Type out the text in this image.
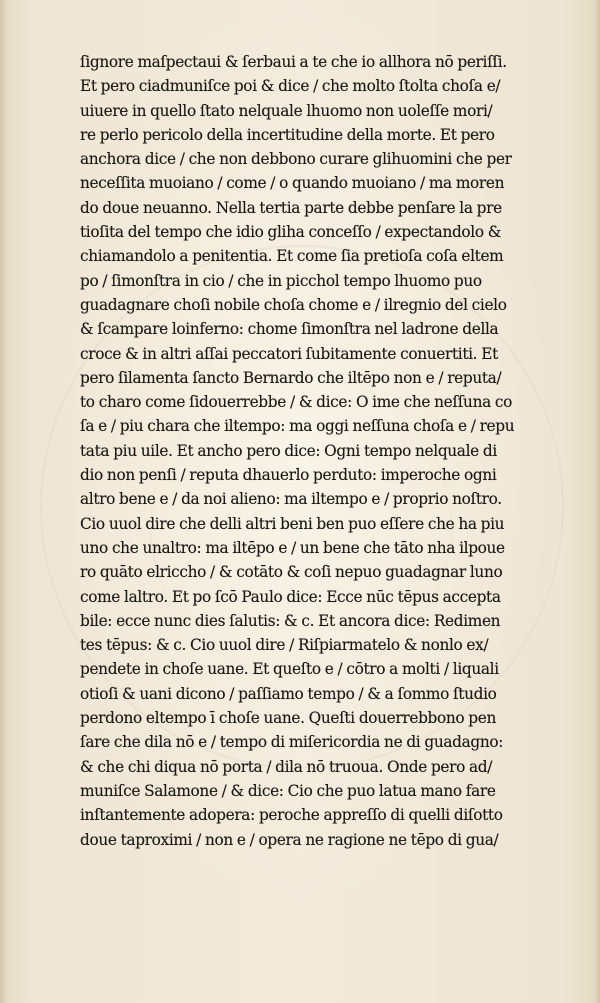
ſignore maſpectaui & ſerbaui a te che io allhora nō periſſi.
Et pero ciadmuniſce poi & dice / che molto ſtolta choſa e/
uiuere in quello ſtato nelquale lhuomo non uoleſſe mori/
re perlo pericolo della incertitudine della morte. Et pero
anchora dice / che non debbono curare glihuomini che per
neceſſita muoiano / come / o quando muoiano / ma moren
do doue neuanno. Nella tertia parte debbe penſare la pre
tioſita del tempo che idio gliha conceſſo / expectandolo &
chiamandolo a penitentia. Et come ſia pretioſa coſa eltem
po / ſimonſtra in cio / che in picchol tempo lhuomo puo
guadagnare choſi nobile choſa chome e / ilregnio del cielo
& ſcampare loinferno: chome ſimonſtra nel ladrone della
croce & in altri aſſai peccatori ſubitamente conuertiti. Et
pero ſilamenta ſancto Bernardo che iltēpo non e / reputa/
to charo come ſidouerrebbe / & dice: O ime che neſſuna co
ſa e / piu chara che iltempo: ma oggi neſſuna choſa e / repu
tata piu uile. Et ancho pero dice: Ogni tempo nelquale di
dio non penſi / reputa dhauerlo perduto: imperoche ogni
altro bene e / da noi alieno: ma iltempo e / proprio noſtro.
Cio uuol dire che delli altri beni ben puo eſſere che ha piu
uno che unaltro: ma iltēpo e / un bene che tāto nha ilpoue
ro quāto elriccho / & cotāto & coſi nepuo guadagnar luno
come laltro. Et po ſcō Paulo dice: Ecce nūc tēpus accepta
bile: ecce nunc dies ſalutis: & c. Et ancora dice: Redimen
tes tēpus: & c. Cio uuol dire / Riſpiarmatelo & nonlo ex/
pendete in choſe uane. Et queſto e / cōtro a molti / liquali
otioſi & uani dicono / paſſiamo tempo / & a ſommo ſtudio
perdono eltempo ī choſe uane. Queſti douerrebbono pen
ſare che dila nō e / tempo di miſericordia ne di guadagno:
& che chi diqua nō porta / dila nō truoua. Onde pero ad/
muniſce Salamone / & dice: Cio che puo latua mano fare
inſtantemente adopera: peroche appreſſo di quelli diſotto
doue taproximi / non e / opera ne ragione ne tēpo di gua/
